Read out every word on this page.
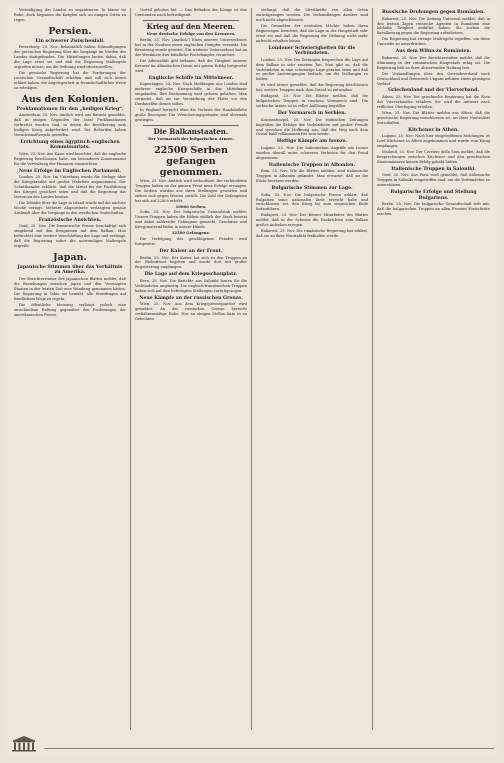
Verteidigung des Landes zu organisieren. In Maroc ist Ruhe, doch beginnen die Kabylen sich an einigen Orten zu regen.
Persien.
Ein schwerer Zwischenfall.
Petersburg, 25. Nov. Bekanntlich haben Erkundigungen der persischen Regierung über die Vorgänge im Norden des Landes stattgefunden. Die Mitteilungen lauten dahin, daß die Lage ernst sei und daß die Regierung Maßregeln ergreifen müsse, um die Ordnung wiederherzustellen.
Die persische Regierung hat die Forderungen der russischen Gesandtschaft erhalten und soll sich bereit erklärt haben, die Angelegenheit in freundschaftlicher Weise zu erledigen.
Aus den Kolonien.
Proklamationen für den „heiligen Krieg“.
Amsterdam, 25. Nov. Amtlich wird aus Batavia gemeldet, daß in einigen Gegenden der Insel Proklamationen verbreitet worden sind, in denen die Bevölkerung zum heiligen Krieg aufgefordert wird. Die Behörden haben Vorsichtsmaßregeln getroffen.
Errichtung eines ägyptisch-englischen Kommissariats.
Wien, 25. Nov. Aus Kairo wird berichtet, daß die englische Regierung beschlossen habe, ein besonderes Kommissariat für die Verwaltung der Finanzen einzurichten.
Neue Erfolge im Englischen Parlament.
London, 25. Nov. Im Unterhaus wurde die Vorlage über die Kriegskredite mit großer Mehrheit angenommen. Der Schatzkanzler erklärte, daß die Mittel für die Fortführung des Krieges gesichert seien und daß die Regierung das Vertrauen des Landes besitze.
Die Debatte über die Lage in Irland wurde auf die nächste Woche vertagt. Mehrere Abgeordnete verlangten genaue Auskunft über die Vorgänge in den westlichen Grafschaften.
Französische Ansichten.
Genf, 25. Nov. Die französische Presse beschäftigt sich eingehend mit den Ereignissen auf dem Balkan. Man befürchtet eine weitere Verschärfung der Lage und verlangt, daß die Regierung sofort die notwendigen Maßregeln ergreife.
Japan.
Japanische Stimmen über das Verhältnis zu Amerika.
Der Berichterstatter des japanischen Blattes meldet, daß die Beziehungen zwischen Japan und den Vereinigten Staaten in der letzten Zeit eine Wendung genommen hätten. Die Regierung in Tokio sei bemüht, alle Streitfragen auf friedlichem Wege zu regeln.
Die öffentliche Meinung verlangt jedoch eine entschiedene Haltung gegenüber den Forderungen der amerikanischen Presse.
Vorteil geboten hat. — Das Befinden des Königs ist den Umständen nach befriedigend.
Krieg auf den Meeren.
Neue deutsche Erfolge von den Kreuzern.
Berlin, 25. Nov. (Amtlich.) Eines unserer Unterseeboote hat in der Nordsee einen englischen Dampfer versenkt. Die Besatzung wurde gerettet. Ein weiteres Unterseeboot hat an der Westküste drei feindliche Fischdampfer vernichtet.
Die Admiralität gibt bekannt, daß die Tätigkeit unserer Kreuzer im Atlantischen Ozean mit gutem Erfolg fortgesetzt wird.
Englische Schiffe im Mittelmeer.
Kopenhagen, 25. Nov. Nach Meldungen aus London sind mehrere englische Kriegsschiffe in das Mittelmeer eingelaufen. Ihre Bestimmung wird geheim gehalten. Man vermutet, daß sie zur Verstärkung der Flotte vor den Dardanellen dienen sollen.
In England herrscht über die Verluste der Handelsflotte große Besorgnis. Die Versicherungsprämien sind abermals gestiegen.
Die Balkanstaaten.
Der Vormarsch der bulgarischen Armee.
22500 Serben gefangen genommen.
Wien, 25. Nov. Amtlich wird verlautbart: Die verbündeten Truppen haben an der ganzen Front neue Erfolge errungen. Die Serben wurden aus ihren Stellungen geworfen und ziehen sich gegen Westen zurück. Die Zahl der Gefangenen hat sich auf 22500 erhöht.
10000 Serben.
Sofia, 25. Nov. Der bulgarische Generalstab meldet: Unsere Truppen haben die Höhen südlich der Stadt besetzt und dabei zahlreiche Gefangene gemacht. Geschütze und Kriegsmaterial fielen in unsere Hände.
12500 Gefangene.
Die Verfolgung des geschlagenen Feindes wird fortgesetzt.
Der Kaiser an der Front.
Berlin, 25. Nov. Der Kaiser hat sich zu den Truppen an der Südostfront begeben und wurde dort mit großer Begeisterung empfangen.
Die Lage auf dem Kriegsschauplatz.
Bern, 25. Nov. Die Berichte aus Saloniki lauten für die Verbündeten ungünstig. Die englisch-französischen Truppen haben sich auf ihre befestigten Stellungen zurückgezogen.
Neue Kämpfe an der russischen Grenze.
Wien, 25. Nov. Aus dem Kriegspressequartier wird gemeldet: An der russischen Grenze herrscht verhältnismäßige Ruhe. Nur an einigen Stellen kam es zu Gefechten.
verlangt, daß die Streitkräfte von allen Orten zurückgezogen werden. Die Verhandlungen darüber sind noch nicht abgeschlossen.
Die Gesandten der neutralen Mächte haben ihren Regierungen berichtet, daß die Lage in der Hauptstadt sehr ernst sei und daß die Regierung die Ordnung nicht mehr aufrecht erhalten könne.
Londoner Schwierigkeiten für die Verbündeten.
London, 25. Nov. Die Zeitungen besprechen die Lage auf dem Balkan in sehr ernstem Ton. Man gibt zu, daß die Verbündeten in eine schwierige Lage geraten seien und daß es großer Anstrengungen bedürfe, um die Stellungen zu halten.
Es wird ferner gemeldet, daß die Regierung beschlossen hat, weitere Truppen nach dem Orient zu entsenden.
Budapest, 25. Nov. Die Blätter melden, daß die bulgarischen Truppen in raschem Vormarsch sind. Die serbische Armee ist in voller Auflösung begriffen.
Der Vormarsch in Serbien.
Konstantinopel, 25. Nov. Die türkischen Zeitungen begrüßen die Erfolge der Verbündeten mit großer Freude und sprechen die Hoffnung aus, daß der Weg nach dem Orient bald vollkommen frei sein werde.
Heftige Kämpfe am Isonzo.
Lugano, 25. Nov. Die italienischen Angriffe am Isonzo wurden überall unter schweren Verlusten für den Feind abgewiesen.
Italienische Truppen in Albanien.
Rom, 25. Nov. Wie die Blätter melden, sind italienische Truppen in Albanien gelandet. Man erwartet, daß sie die Küste besetzen werden.
Bulgarische Stimmen zur Lage.
Sofia, 25. Nov. Die bulgarische Presse erklärt, daß Bulgarien seine nationalen Ziele erreicht habe und entschlossen sei, den Krieg bis zum siegreichen Ende fortzuführen.
Budapest, 25. Nov. Der Berner Mitarbeiter des Blattes meldet, daß in der Schweiz die Nachrichten vom Balkan großes Aufsehen erregen.
Bukarest, 25. Nov. Die rumänische Regierung hat erklärt, daß sie an ihrer Neutralität festhalten werde.
Russische Drohungen gegen Rumänien.
Bukarest, 25. Nov. Die Zeitung Universul meldet, daß in den letzten Tagen russische Agenten in Rumänien eine lebhafte Tätigkeit entfaltet haben. Sie suchen die Bevölkerung gegen die Regierung aufzuhetzen.
Die Regierung hat strenge Maßregeln ergriffen, um diese Umtriebe zu unterdrücken.
Aus dem Wilna zu Rumänien.
Bukarest, 25. Nov. Der Berichterstatter meldet, daß die Stimmung in der rumänischen Hauptstadt ruhig sei. Die Regierung hält an ihrer abwartenden Haltung fest.
Die Verhandlungen über den Getreideverkauf nach Deutschland und Österreich-Ungarn nehmen einen günstigen Verlauf.
Griechenland und der Vierverband.
Athen, 25. Nov. Die griechische Regierung hat die Note des Vierverbandes erhalten. Sie wird die Antwort nach reiflicher Überlegung erteilen.
Wien, 25. Nov. Die Blätter melden aus Athen, daß die griechische Regierung entschlossen sei, an ihrer Neutralität festzuhalten.
Kitchener in Athen.
Lugano, 25. Nov. Nach hier eingetroffenen Meldungen ist Lord Kitchener in Athen angekommen und wurde vom König empfangen.
Mailand, 25. Nov. Der Corriere della Sera meldet, daß die Besprechungen zwischen Kitchener und den griechischen Staatsmännern keinen Erfolg gehabt hätten.
Italienische Truppen in Saloniki.
Genf, 25. Nov. Aus Paris wird gemeldet, daß italienische Truppen in Saloniki eingetroffen sind, um die Verbündeten zu unterstützen.
Bulgarische Erfolge und Stellung Bulgariens.
Berlin, 25. Nov. Die bulgarische Gesandtschaft teilt mit, daß die bulgarischen Truppen an allen Fronten Fortschritte machen.
